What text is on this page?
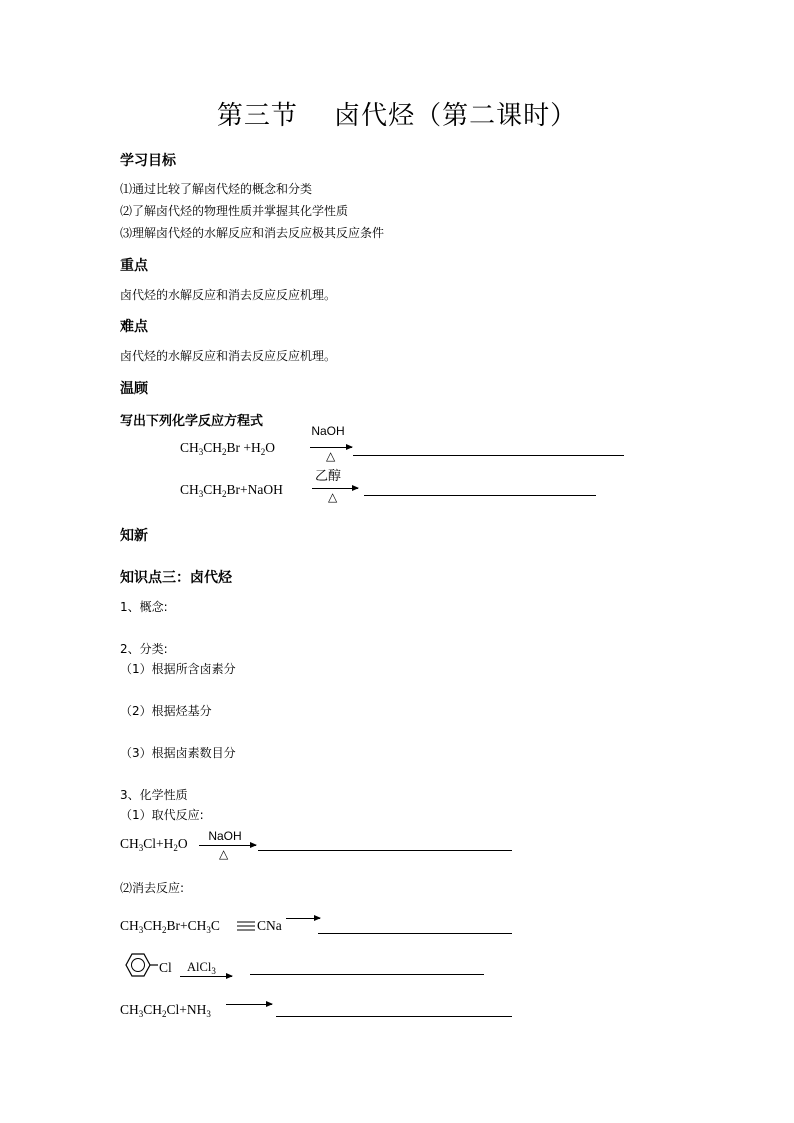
第三节　 卤代烃（第二课时）
学习目标
⑴通过比较了解卤代烃的概念和分类
⑵了解卤代烃的物理性质并掌握其化学性质
⑶理解卤代烃的水解反应和消去反应极其反应条件
重点
卤代烃的水解反应和消去反应反应机理。
难点
卤代烃的水解反应和消去反应反应机理。
温顾
写出下列化学反应方程式
$CH_3CH_2Br +H_2O$
NaOH
△
$CH_3CH_2Br+NaOH$
乙醇
△
知新
知识点三：卤代烃
1、概念:
2、分类:
（1）根据所含卤素分
（2）根据烃基分
（3）根据卤素数目分
3、化学性质
（1）取代反应:
$CH_3Cl+H_2O$	NaOH
△
⑵消去反应:
$CH_3CH_2Br+CH_3C$	CNa
Cl AlCl$_3$
$CH_3CH_2Cl+NH_3$
